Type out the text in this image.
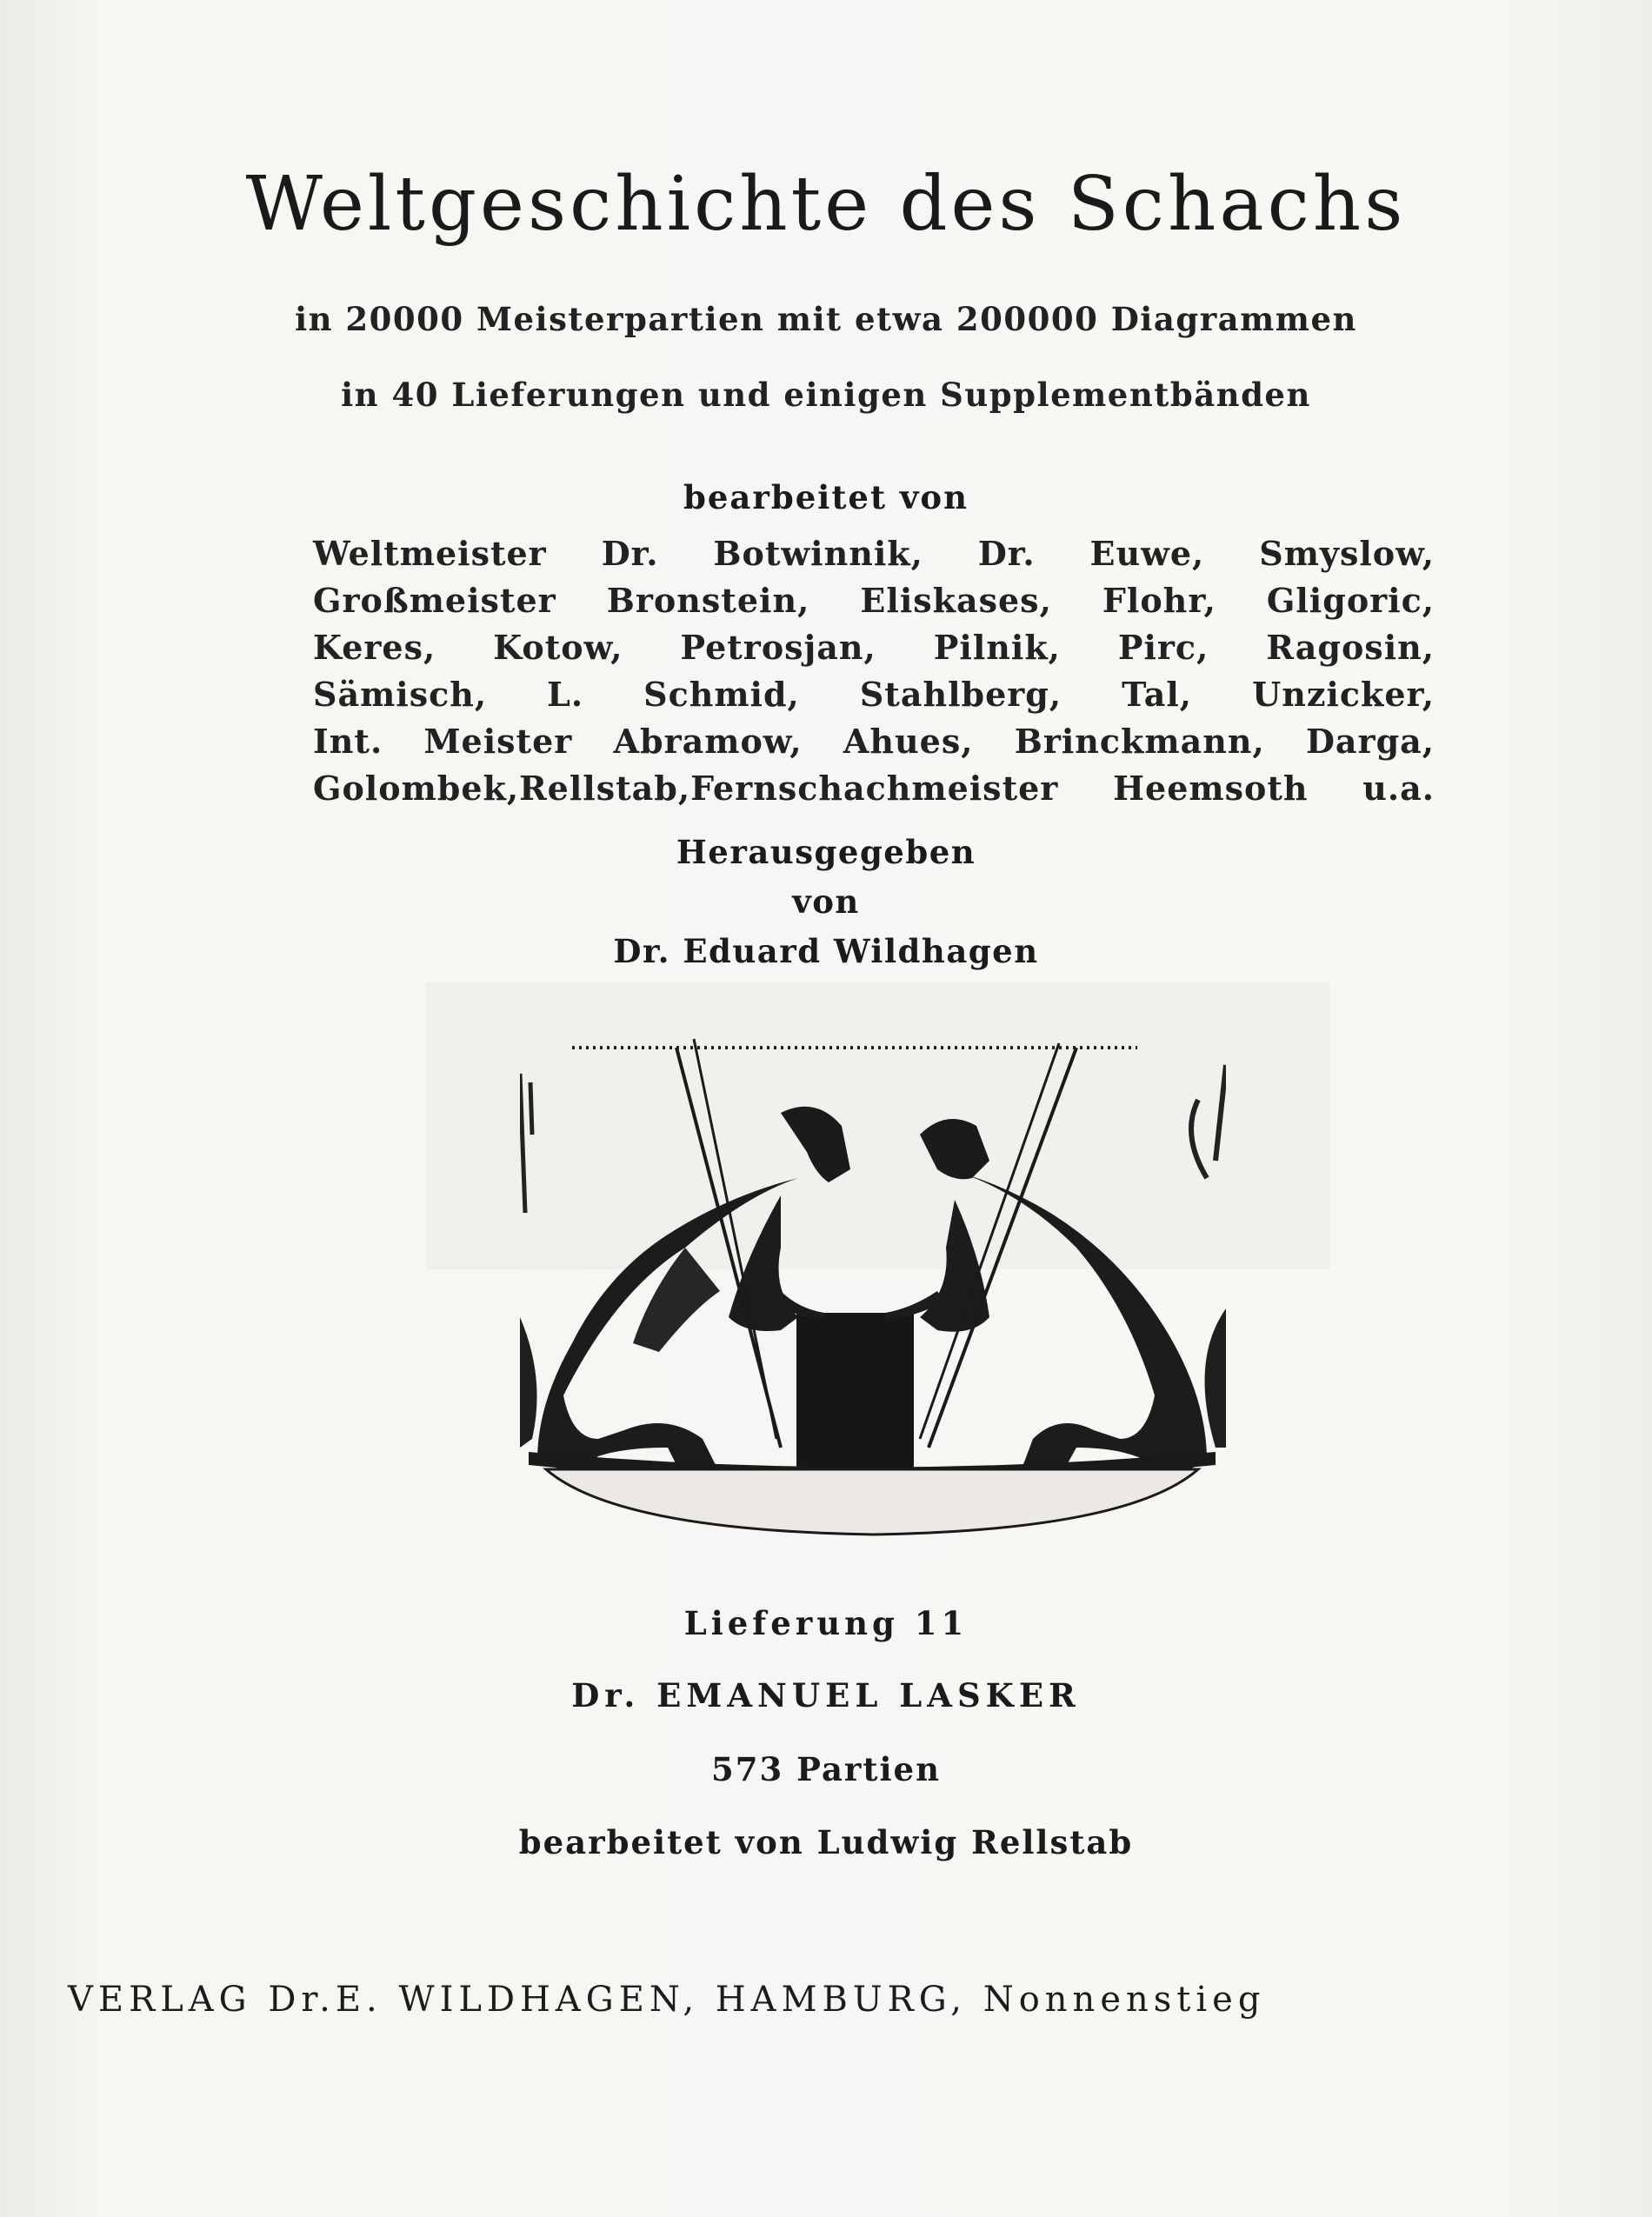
Weltgeschichte des Schachs
in 20000 Meisterpartien mit etwa 200000 Diagrammen
in 40 Lieferungen und einigen Supplementbänden
bearbeitet von
Weltmeister Dr. Botwinnik, Dr. Euwe, Smyslow,
Großmeister Bronstein, Eliskases, Flohr, Gligoric,
Keres, Kotow, Petrosjan, Pilnik, Pirc, Ragosin,
Sämisch, L. Schmid, Stahlberg, Tal, Unzicker,
Int. Meister Abramow, Ahues, Brinckmann, Darga,
Golombek,Rellstab,Fernschachmeister Heemsoth u.a.
Herausgegeben
von
Dr. Eduard Wildhagen
Lieferung 11
Dr. EMANUEL LASKER
573 Partien
bearbeitet von Ludwig Rellstab
VERLAG Dr.E. WILDHAGEN, HAMBURG, Nonnenstieg
